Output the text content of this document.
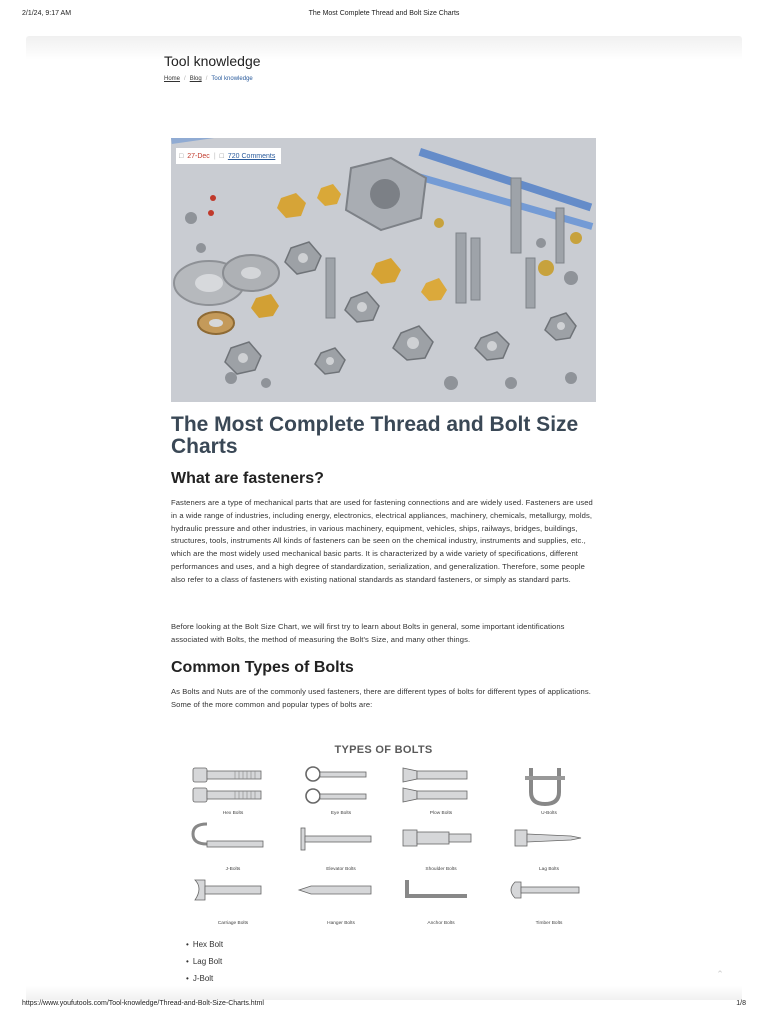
2/1/24, 9:17 AM	The Most Complete Thread and Bolt Size Charts
Tool knowledge
Home / Blog / Tool knowledge
□ 27-Dec | □ 720 Comments
The Most Complete Thread and Bolt Size Charts
What are fasteners?

Fasteners are a type of mechanical parts that are used for fastening connections and are widely used. Fasteners are used in a wide range of industries, including energy, electronics, electrical appliances, machinery, chemicals, metallurgy, molds, hydraulic pressure and other industries, in various machinery, equipment, vehicles, ships, railways, bridges, buildings, structures, tools, instruments All kinds of fasteners can be seen on the chemical industry, instruments and supplies, etc., which are the most widely used mechanical basic parts. It is characterized by a wide variety of specifications, different performances and uses, and a high degree of standardization, serialization, and generalization. Therefore, some people also refer to a class of fasteners with existing national standards as standard fasteners, or simply as standard parts.

Before looking at the Bolt Size Chart, we will first try to learn about Bolts in general, some important identifications associated with Bolts, the method of measuring the Bolt's Size, and many other things.

Common Types of Bolts

As Bolts and Nuts are of the commonly used fasteners, there are different types of bolts for different types of applications. Some of the more common and popular types of bolts are:

TYPES OF BOLTS
Hex Bolts	Eye Bolts	Plow Bolts	U-Bolts
J-Bolts	Elevator Bolts	Shoulder Bolts	Lag Bolts
Carriage Bolts	Hanger Bolts	Anchor Bolts	Timber Bolts
• Hex Bolt
• Lag Bolt
• J-Bolt	⌃
https://www.youfutools.com/Tool-knowledge/Thread-and-Bolt-Size-Charts.html	1/8
